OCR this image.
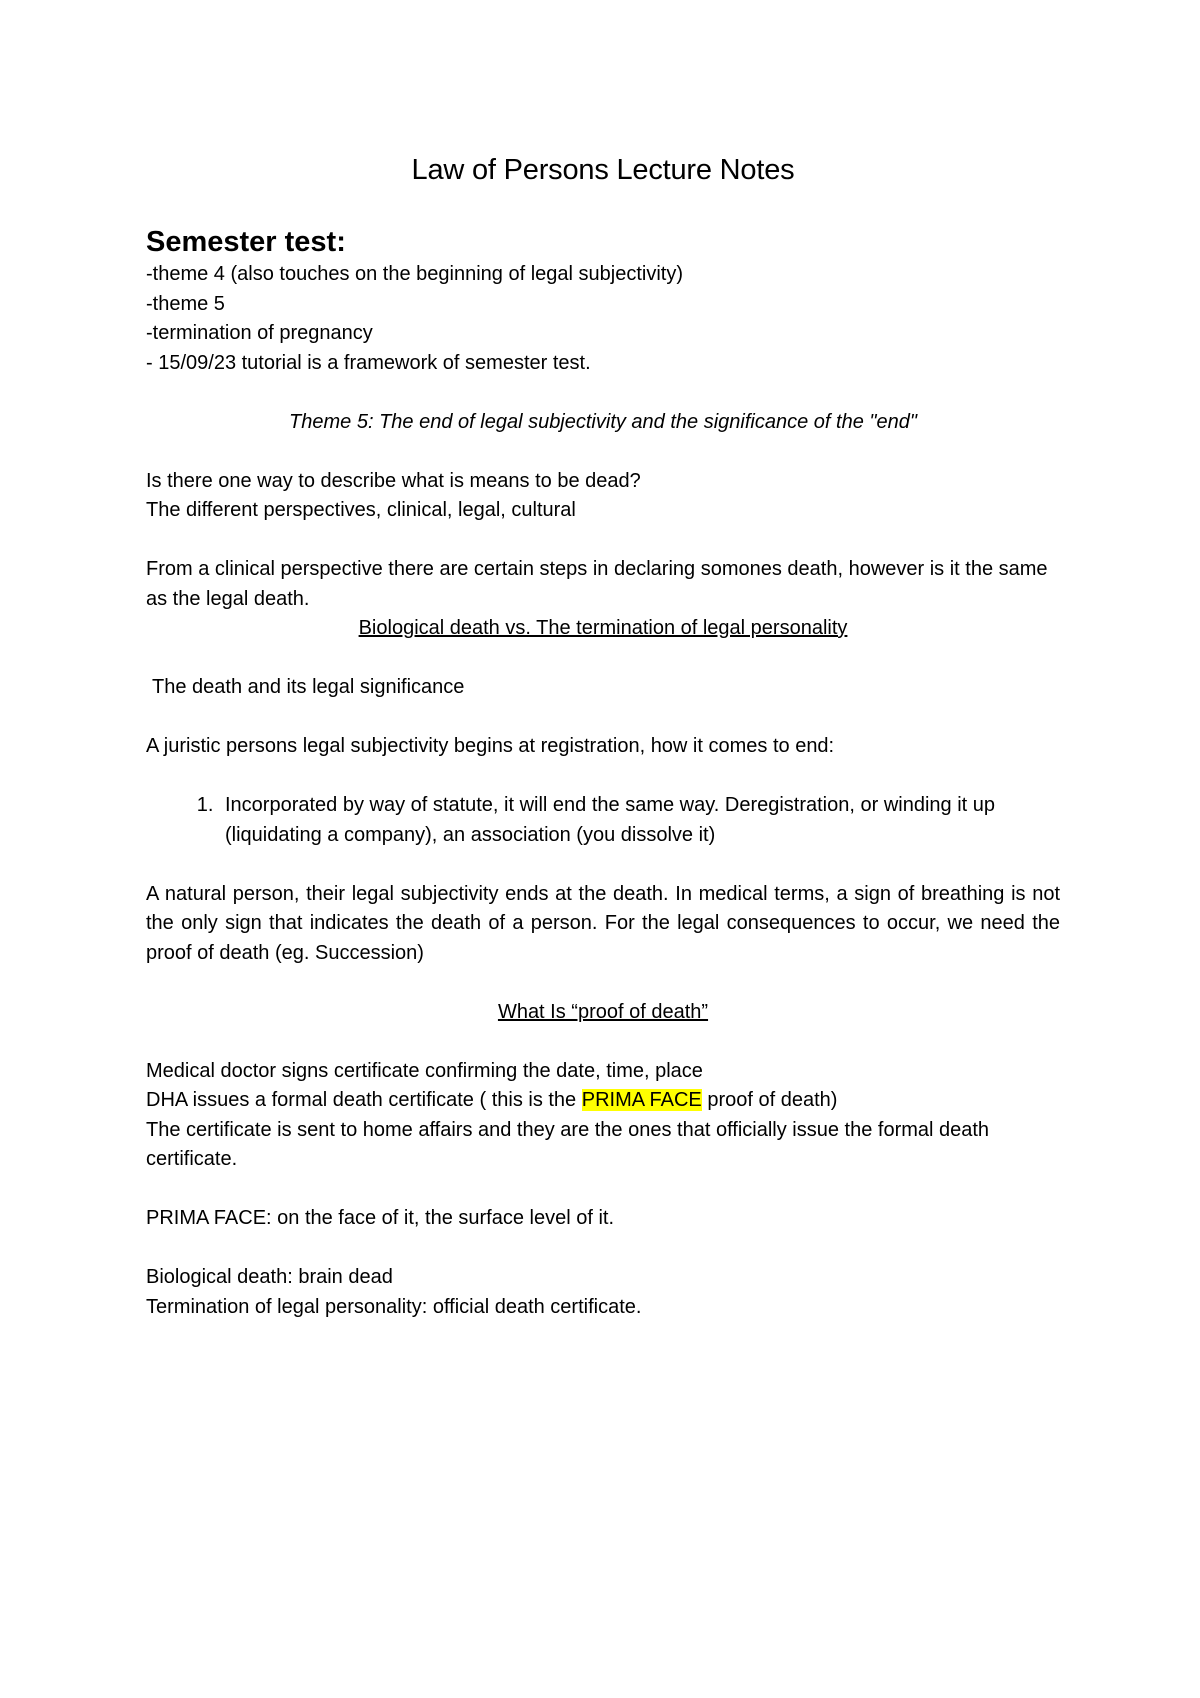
Law of Persons Lecture Notes
Semester test:

-theme 4 (also touches on the beginning of legal subjectivity)

-theme 5

-termination of pregnancy

- 15/09/23 tutorial is a framework of semester test.

Theme 5: The end of legal subjectivity and the significance of the "end"

Is there one way to describe what is means to be dead?

The different perspectives, clinical, legal, cultural

From a clinical perspective there are certain steps in declaring somones death, however is it the same as the legal death.

Biological death vs. The termination of legal personality

The death and its legal significance

A juristic persons legal subjectivity begins at registration, how it comes to end:

1. Incorporated by way of statute, it will end the same way. Deregistration, or winding it up (liquidating a company), an association (you dissolve it)

A natural person, their legal subjectivity ends at the death. In medical terms, a sign of breathing is not the only sign that indicates the death of a person. For the legal consequences to occur, we need the proof of death (eg. Succession)

What Is “proof of death”

Medical doctor signs certificate confirming the date, time, place

DHA issues a formal death certificate ( this is the PRIMA FACE proof of death)

The certificate is sent to home affairs and they are the ones that officially issue the formal death certificate.

PRIMA FACE: on the face of it, the surface level of it.

Biological death: brain dead

Termination of legal personality: official death certificate.
